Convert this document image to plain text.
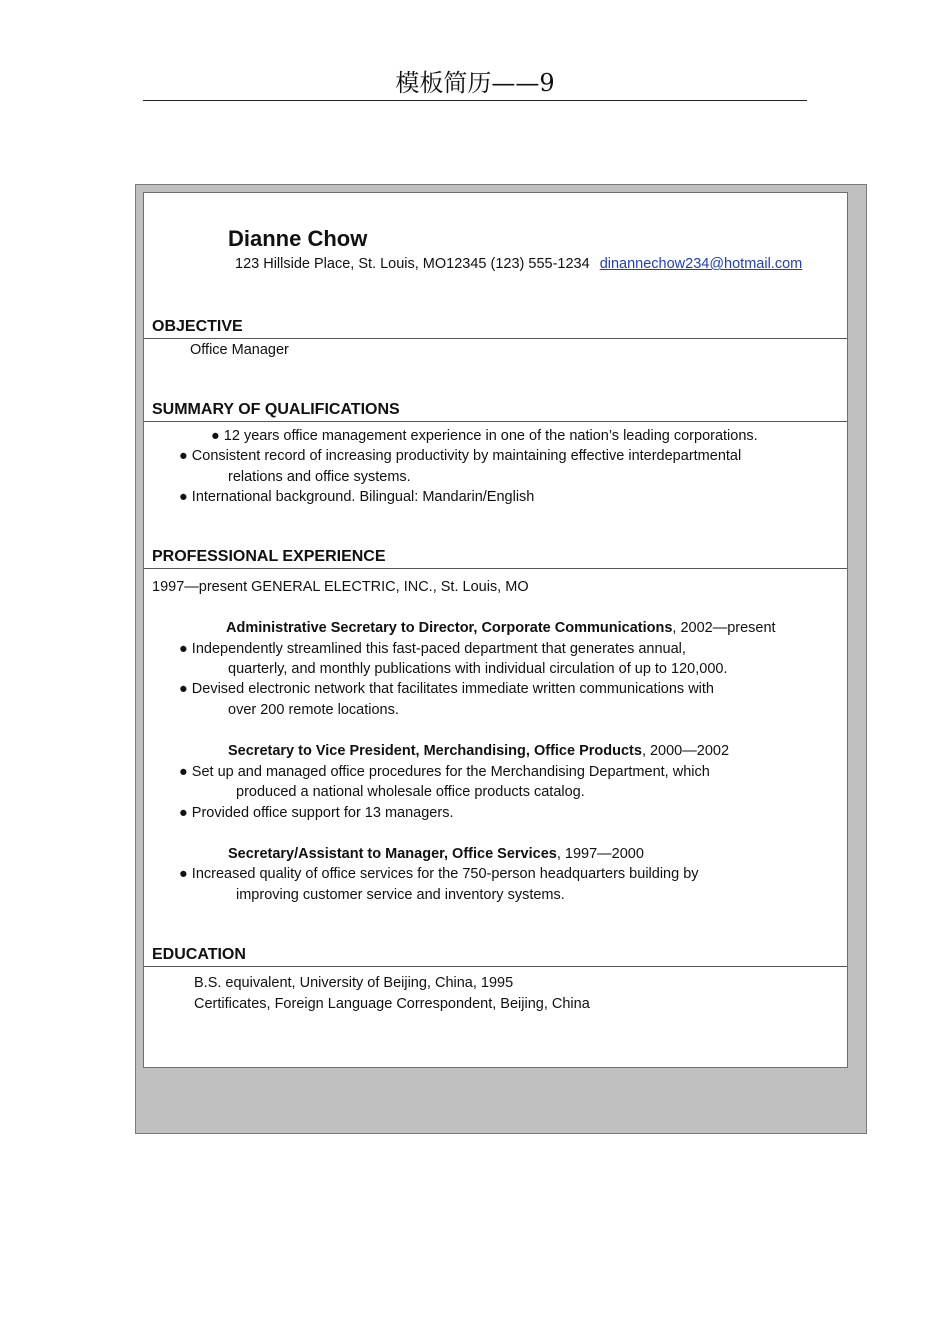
模板简历——9
Dianne Chow
123 Hillside Place, St. Louis, MO12345 (123) 555-1234 dinannechow234@hotmail.com
OBJECTIVE
Office Manager
SUMMARY OF QUALIFICATIONS
● 12 years office management experience in one of the nation’s leading corporations.
● Consistent record of increasing productivity by maintaining effective interdepartmental
relations and office systems.
● International background. Bilingual: Mandarin/English
PROFESSIONAL EXPERIENCE
1997—present GENERAL ELECTRIC, INC., St. Louis, MO
Administrative Secretary to Director, Corporate Communications, 2002—present
● Independently streamlined this fast-paced department that generates annual,
quarterly, and monthly publications with individual circulation of up to 120,000.
● Devised electronic network that facilitates immediate written communications with
over 200 remote locations.
Secretary to Vice President, Merchandising, Office Products, 2000—2002
● Set up and managed office procedures for the Merchandising Department, which
produced a national wholesale office products catalog.
● Provided office support for 13 managers.
Secretary/Assistant to Manager, Office Services, 1997—2000
● Increased quality of office services for the 750-person headquarters building by
improving customer service and inventory systems.
EDUCATION
B.S. equivalent, University of Beijing, China, 1995
Certificates, Foreign Language Correspondent, Beijing, China
